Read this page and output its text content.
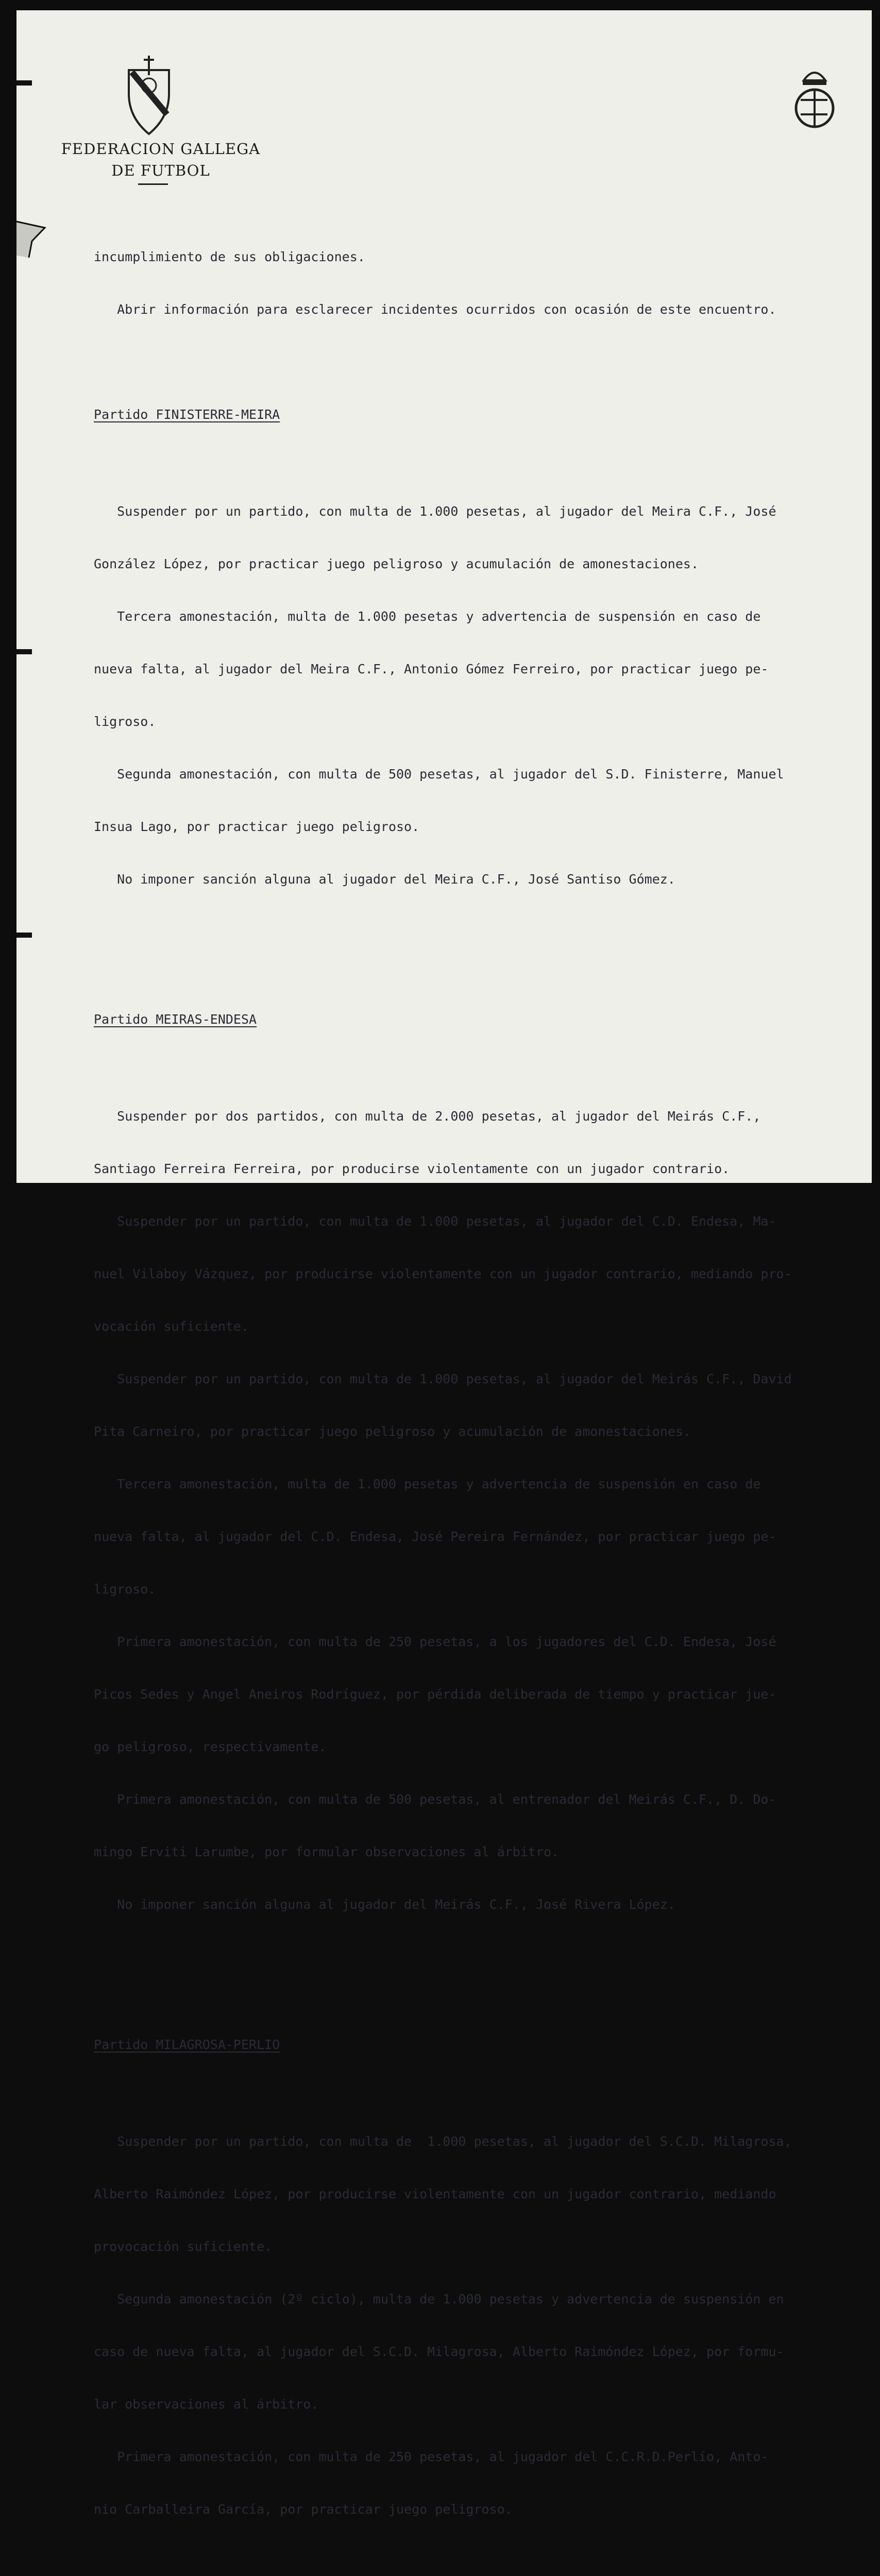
FEDERACION GALLEGA
DE FUTBOL

incumplimiento de sus obligaciones.

Abrir información para esclarecer incidentes ocurridos con ocasión de este encuentro.

Partido FINISTERRE-MEIRA

Suspender por un partido, con multa de 1.000 pesetas, al jugador del Meira C.F., José

González López, por practicar juego peligroso y acumulación de amonestaciones.

Tercera amonestación, multa de 1.000 pesetas y advertencia de suspensión en caso de

nueva falta, al jugador del Meira C.F., Antonio Gómez Ferreiro, por practicar juego pe-

ligroso.

Segunda amonestación, con multa de 500 pesetas, al jugador del S.D. Finisterre, Manuel

Insua Lago, por practicar juego peligroso.

No imponer sanción alguna al jugador del Meira C.F., José Santiso Gómez.

Partido MEIRAS-ENDESA

Suspender por dos partidos, con multa de 2.000 pesetas, al jugador del Meirás C.F.,

Santiago Ferreira Ferreira, por producirse violentamente con un jugador contrario.

Suspender por un partido, con multa de 1.000 pesetas, al jugador del C.D. Endesa, Ma-

nuel Vilaboy Vázquez, por producirse violentamente con un jugador contrario, mediando pro-

vocación suficiente.

Suspender por un partido, con multa de 1.000 pesetas, al jugador del Meirás C.F., David

Pita Carneiro, por practicar juego peligroso y acumulación de amonestaciones.

Tercera amonestación, multa de 1.000 pesetas y advertencia de suspensión en caso de

nueva falta, al jugador del C.D. Endesa, José Pereira Fernández, por practicar juego pe-

ligroso.

Primera amonestación, con multa de 250 pesetas, a los jugadores del C.D. Endesa, José

Picos Sedes y Angel Aneiros Rodríguez, por pérdida deliberada de tiempo y practicar jue-

go peligroso, respectivamente.

Primera amonestación, con multa de 500 pesetas, al entrenador del Meirás C.F., D. Do-

mingo Erviti Larumbe, por formular observaciones al árbitro.

No imponer sanción alguna al jugador del Meirás C.F., José Rivera López.

Partido MILAGROSA-PERLIO

Suspender por un partido, con multa de  1.000 pesetas, al jugador del S.C.D. Milagrosa,

Alberto Raimóndez López, por producirse violentamente con un jugador contrario, mediando

provocación suficiente.

Segunda amonestación (2º ciclo), multa de 1.000 pesetas y advertencia de suspensión en

caso de nueva falta, al jugador del S.C.D. Milagrosa, Alberto Raimóndez López, por formu-

lar observaciones al árbitro.

Primera amonestación, con multa de 250 pesetas, al jugador del C.C.R.D.Perlío, Anto-

nio Carballeira García, por practicar juego peligroso.
